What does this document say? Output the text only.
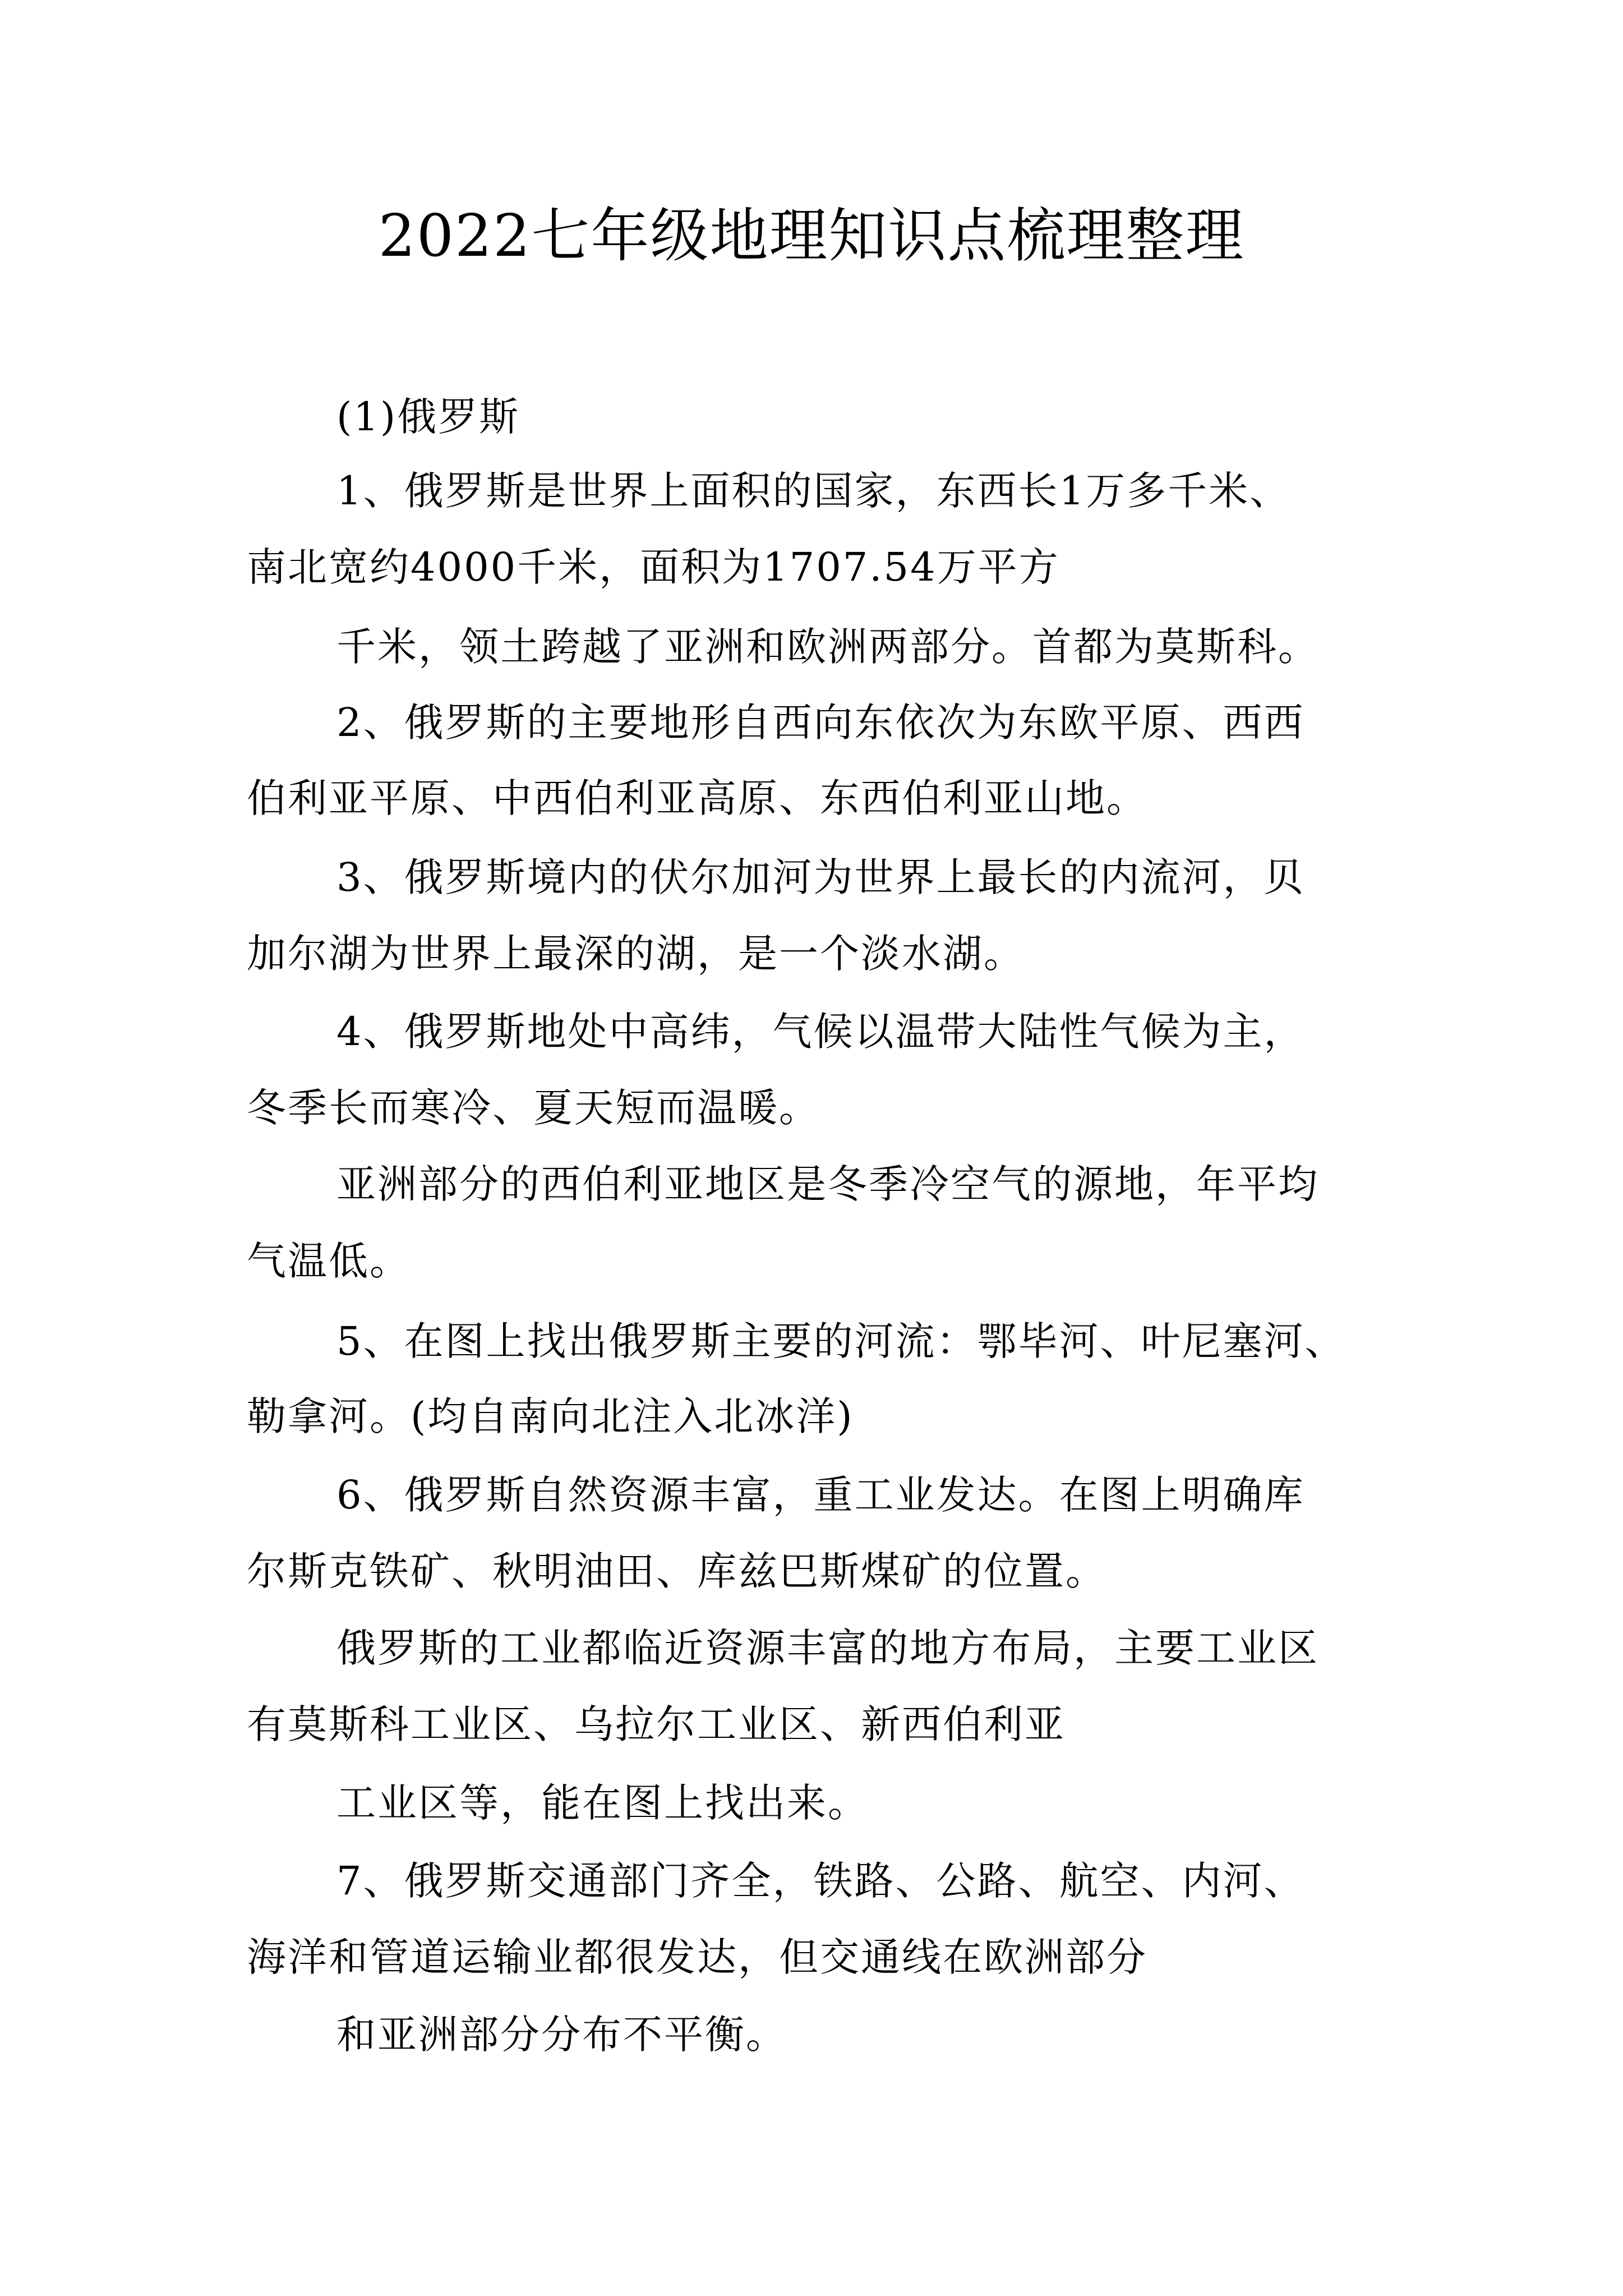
2022七年级地理知识点梳理整理
(1)俄罗斯
1、俄罗斯是世界上面积的国家，东西长1万多千米、
南北宽约4000千米，面积为1707.54万平方
千米，领土跨越了亚洲和欧洲两部分。首都为莫斯科。
2、俄罗斯的主要地形自西向东依次为东欧平原、西西
伯利亚平原、中西伯利亚高原、东西伯利亚山地。
3、俄罗斯境内的伏尔加河为世界上最长的内流河，贝
加尔湖为世界上最深的湖，是一个淡水湖。
4、俄罗斯地处中高纬，气候以温带大陆性气候为主，
冬季长而寒冷、夏天短而温暖。
亚洲部分的西伯利亚地区是冬季冷空气的源地，年平均
气温低。
5、在图上找出俄罗斯主要的河流：鄂毕河、叶尼塞河、
勒拿河。(均自南向北注入北冰洋)
6、俄罗斯自然资源丰富，重工业发达。在图上明确库
尔斯克铁矿、秋明油田、库兹巴斯煤矿的位置。
俄罗斯的工业都临近资源丰富的地方布局，主要工业区
有莫斯科工业区、乌拉尔工业区、新西伯利亚
工业区等，能在图上找出来。
7、俄罗斯交通部门齐全，铁路、公路、航空、内河、
海洋和管道运输业都很发达，但交通线在欧洲部分
和亚洲部分分布不平衡。
